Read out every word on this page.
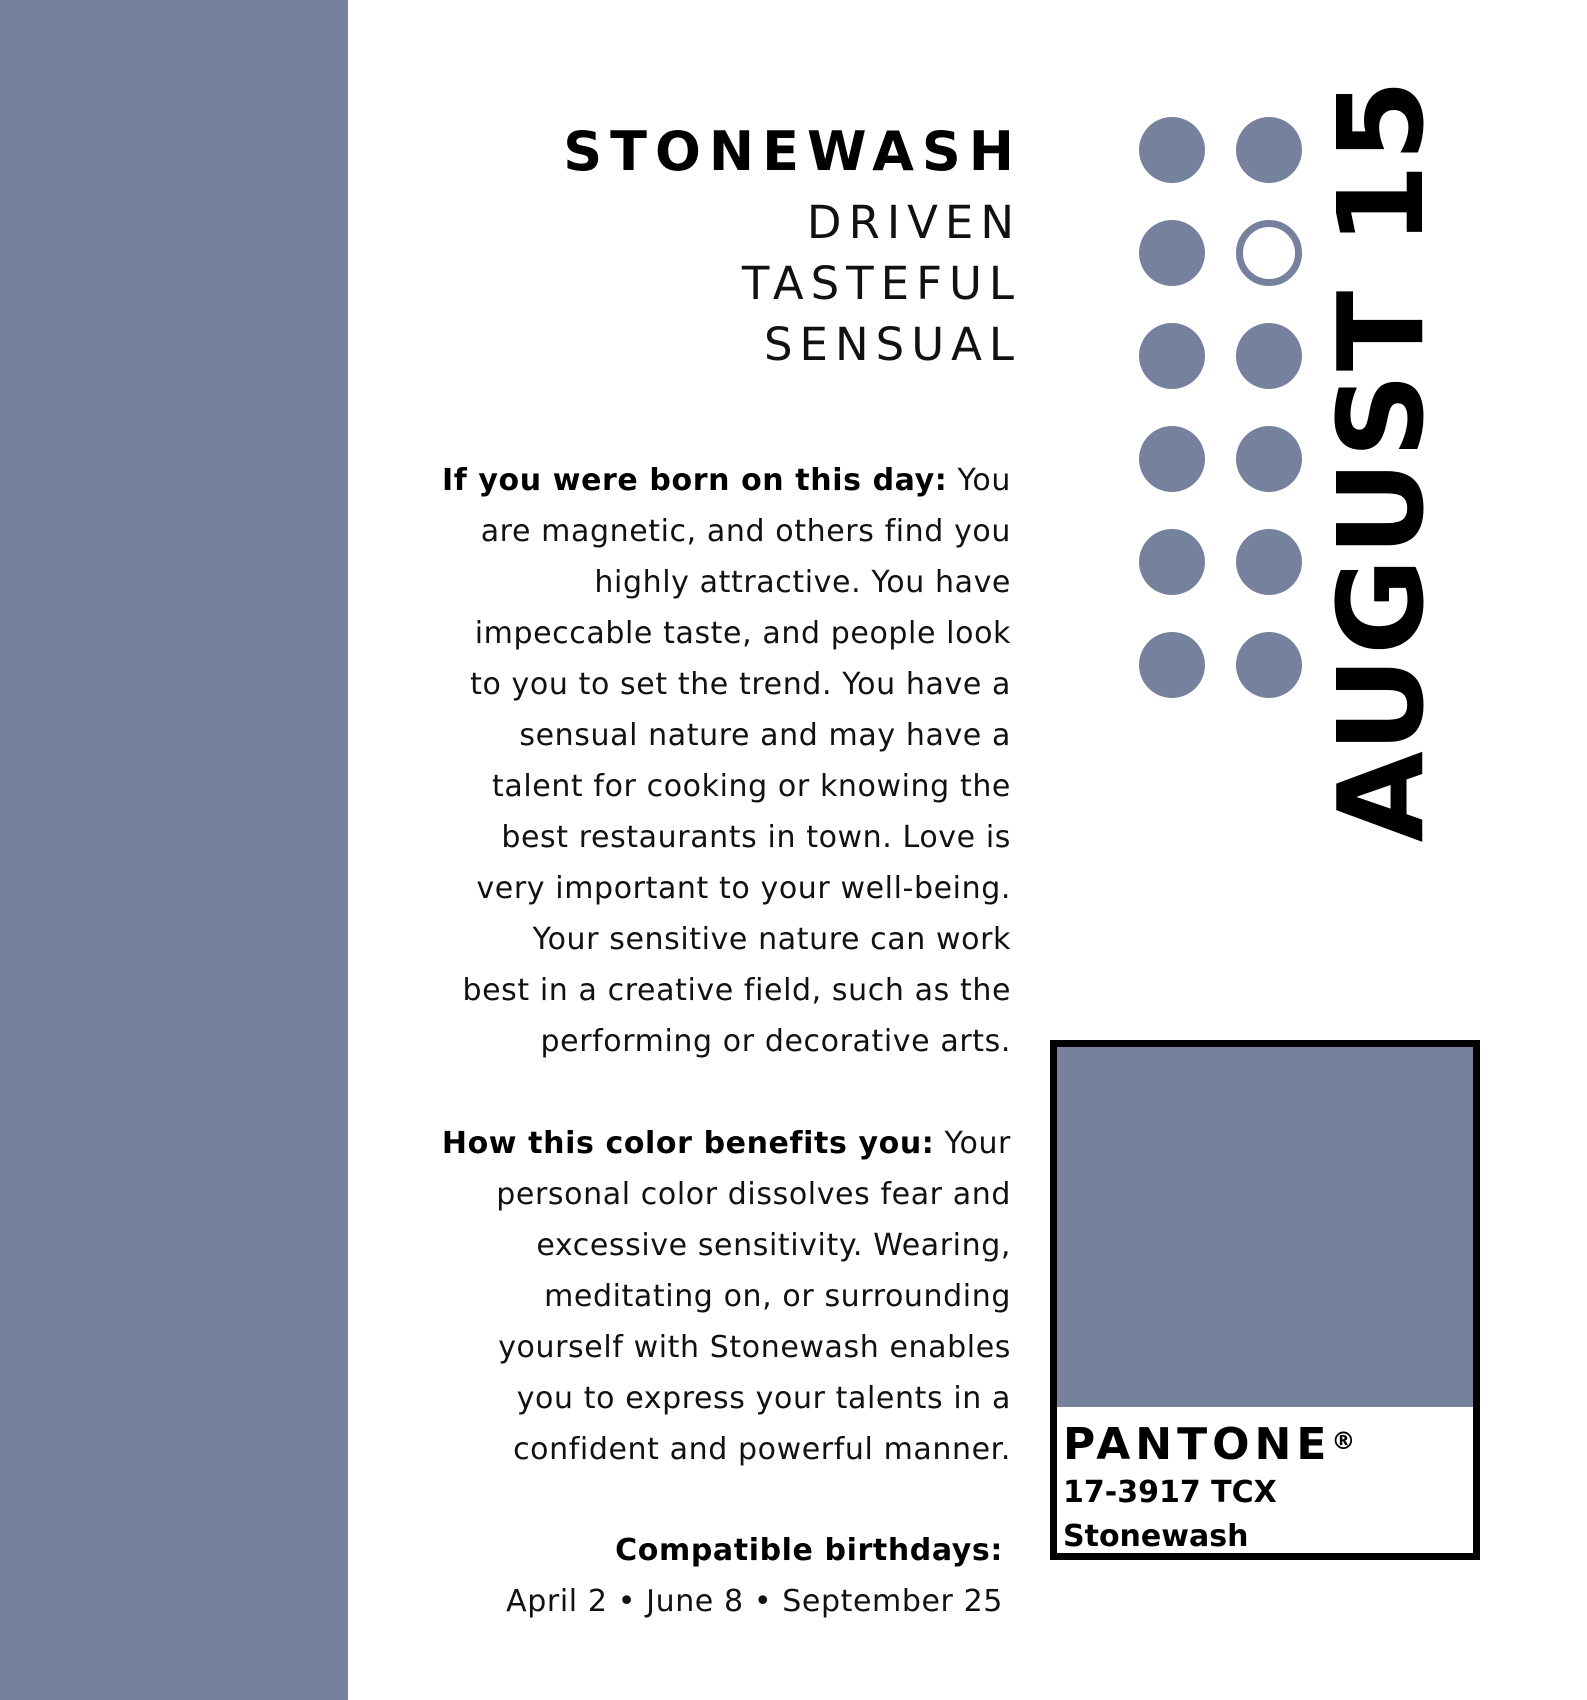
STONEWASH
DRIVEN
TASTEFUL
SENSUAL
If you were born on this day: You
are magnetic, and others find you
highly attractive. You have
impeccable taste, and people look
to you to set the trend. You have a
sensual nature and may have a
talent for cooking or knowing the
best restaurants in town. Love is
very important to your well-being.
Your sensitive nature can work
best in a creative field, such as the
performing or decorative arts.
How this color benefits you: Your
personal color dissolves fear and
excessive sensitivity. Wearing,
meditating on, or surrounding
yourself with Stonewash enables
you to express your talents in a
confident and powerful manner.
Compatible birthdays:
April 2 • June 8 • September 25
AUGUST 15
PANTONE®
17-3917 TCX
Stonewash
